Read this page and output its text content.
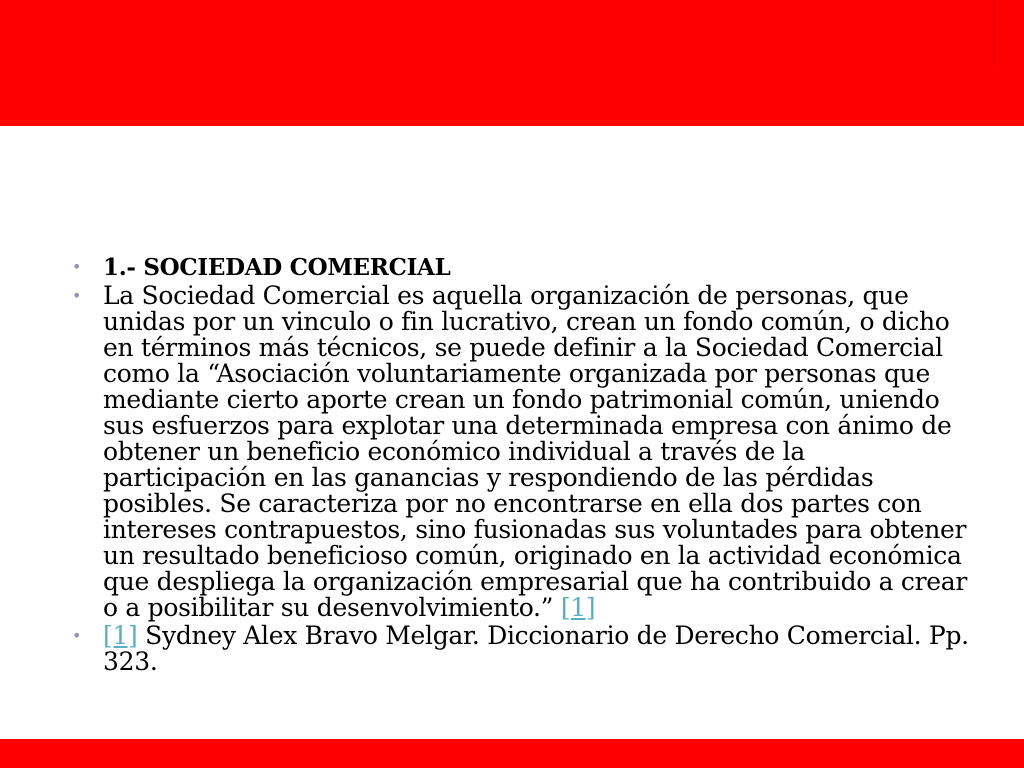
• 1.- SOCIEDAD COMERCIAL
• La Sociedad Comercial es aquella organización de personas, que unidas por un vinculo o fin lucrativo, crean un fondo común, o dicho en términos más técnicos, se puede definir a la Sociedad Comercial como la “Asociación voluntariamente organizada por personas que mediante cierto aporte crean un fondo patrimonial común, uniendo sus esfuerzos para explotar una determinada empresa con ánimo de obtener un beneficio económico individual a través de la participación en las ganancias y respondiendo de las pérdidas posibles. Se caracteriza por no encontrarse en ella dos partes con intereses contrapuestos, sino fusionadas sus voluntades para obtener un resultado beneficioso común, originado en la actividad económica que despliega la organización empresarial que ha contribuido a crear o a posibilitar su desenvolvimiento.” [1]
• [1] Sydney Alex Bravo Melgar. Diccionario de Derecho Comercial. Pp. 323.
